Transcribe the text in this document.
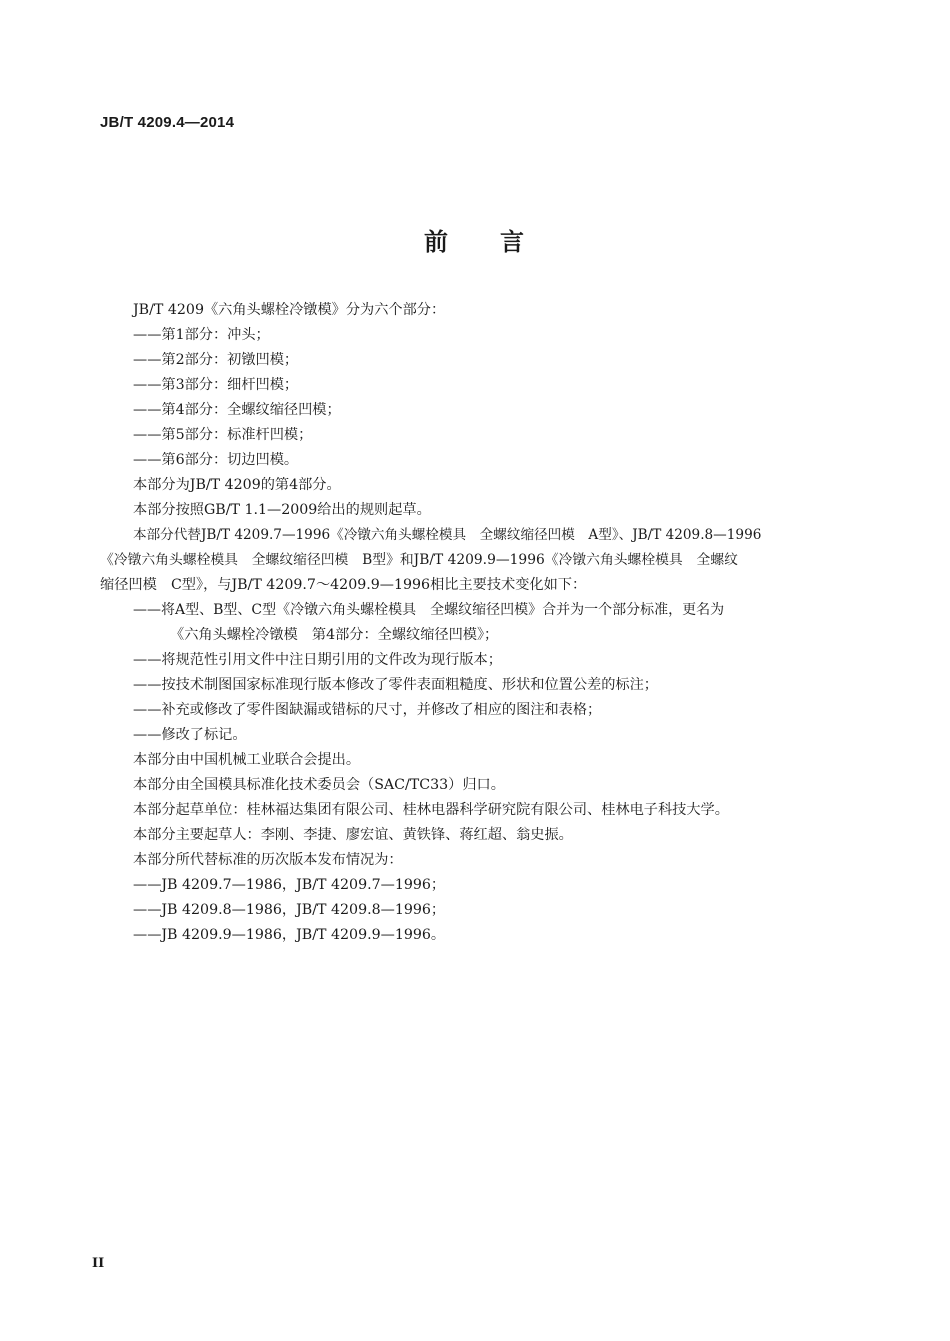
JB/T 4209.4—2014
前 言
JB/T 4209《六角头螺栓冷镦模》分为六个部分：
——第1部分：冲头；
——第2部分：初镦凹模；
——第3部分：细杆凹模；
——第4部分：全螺纹缩径凹模；
——第5部分：标准杆凹模；
——第6部分：切边凹模。
本部分为JB/T 4209的第4部分。
本部分按照GB/T 1.1—2009给出的规则起草。
本部分代替JB/T 4209.7—1996《冷镦六角头螺栓模具　全螺纹缩径凹模　A型》、JB/T 4209.8—1996
《冷镦六角头螺栓模具　全螺纹缩径凹模　B型》和JB/T 4209.9—1996《冷镦六角头螺栓模具　全螺纹
缩径凹模　C型》，与JB/T 4209.7～4209.9—1996相比主要技术变化如下：
——将A型、B型、C型《冷镦六角头螺栓模具　全螺纹缩径凹模》合并为一个部分标准，更名为
《六角头螺栓冷镦模　第4部分：全螺纹缩径凹模》；
——将规范性引用文件中注日期引用的文件改为现行版本；
——按技术制图国家标准现行版本修改了零件表面粗糙度、形状和位置公差的标注；
——补充或修改了零件图缺漏或错标的尺寸，并修改了相应的图注和表格；
——修改了标记。
本部分由中国机械工业联合会提出。
本部分由全国模具标准化技术委员会（SAC/TC33）归口。
本部分起草单位：桂林福达集团有限公司、桂林电器科学研究院有限公司、桂林电子科技大学。
本部分主要起草人：李刚、李捷、廖宏谊、黄铁锋、蒋红超、翁史振。
本部分所代替标准的历次版本发布情况为：
——JB 4209.7—1986，JB/T 4209.7—1996；
——JB 4209.8—1986，JB/T 4209.8—1996；
——JB 4209.9—1986，JB/T 4209.9—1996。
II
